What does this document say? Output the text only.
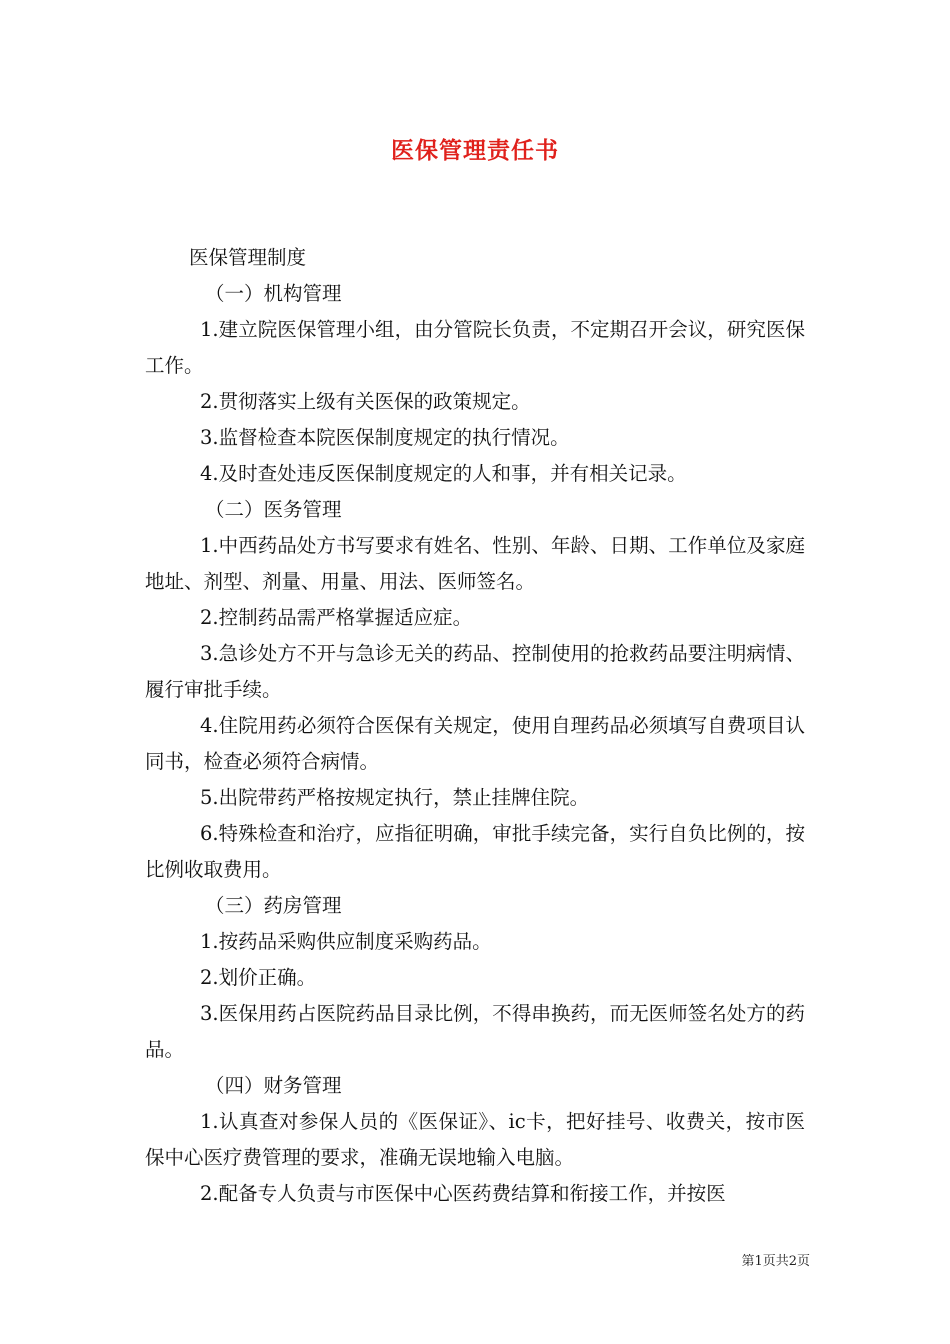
医保管理责任书

医保管理制度

（一）机构管理

1.建立院医保管理小组，由分管院长负责，不定期召开会议，研究医保工作。

2.贯彻落实上级有关医保的政策规定。

3.监督检查本院医保制度规定的执行情况。

4.及时查处违反医保制度规定的人和事，并有相关记录。

（二）医务管理

1.中西药品处方书写要求有姓名、性别、年龄、日期、工作单位及家庭地址、剂型、剂量、用量、用法、医师签名。

2.控制药品需严格掌握适应症。

3.急诊处方不开与急诊无关的药品、控制使用的抢救药品要注明病情、履行审批手续。

4.住院用药必须符合医保有关规定，使用自理药品必须填写自费项目认同书，检查必须符合病情。

5.出院带药严格按规定执行，禁止挂牌住院。

6.特殊检查和治疗，应指征明确，审批手续完备，实行自负比例的，按比例收取费用。

（三）药房管理

1.按药品采购供应制度采购药品。

2.划价正确。

3.医保用药占医院药品目录比例，不得串换药，而无医师签名处方的药品。

（四）财务管理

1.认真查对参保人员的《医保证》、ic卡，把好挂号、收费关，按市医保中心医疗费管理的要求，准确无误地输入电脑。

2.配备专人负责与市医保中心医药费结算和衔接工作，并按医

第1页共2页
